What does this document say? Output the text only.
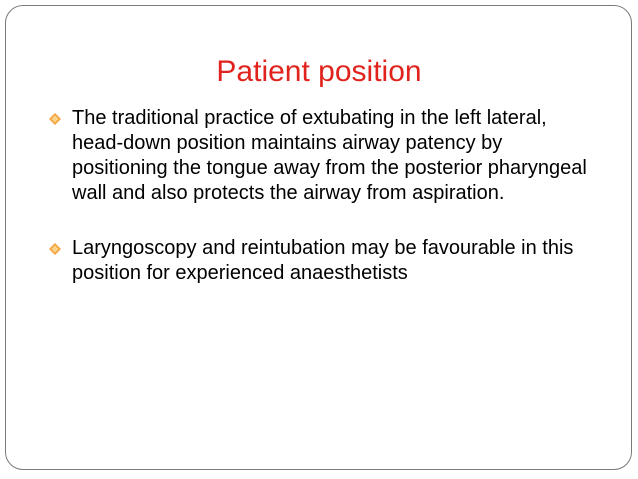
Patient position
The traditional practice of extubating in the left lateral, head-down position maintains airway patency by positioning the tongue away from the posterior pharyngeal wall and also protects the airway from aspiration.
Laryngoscopy and reintubation may be favourable in this position for experienced anaesthetists
